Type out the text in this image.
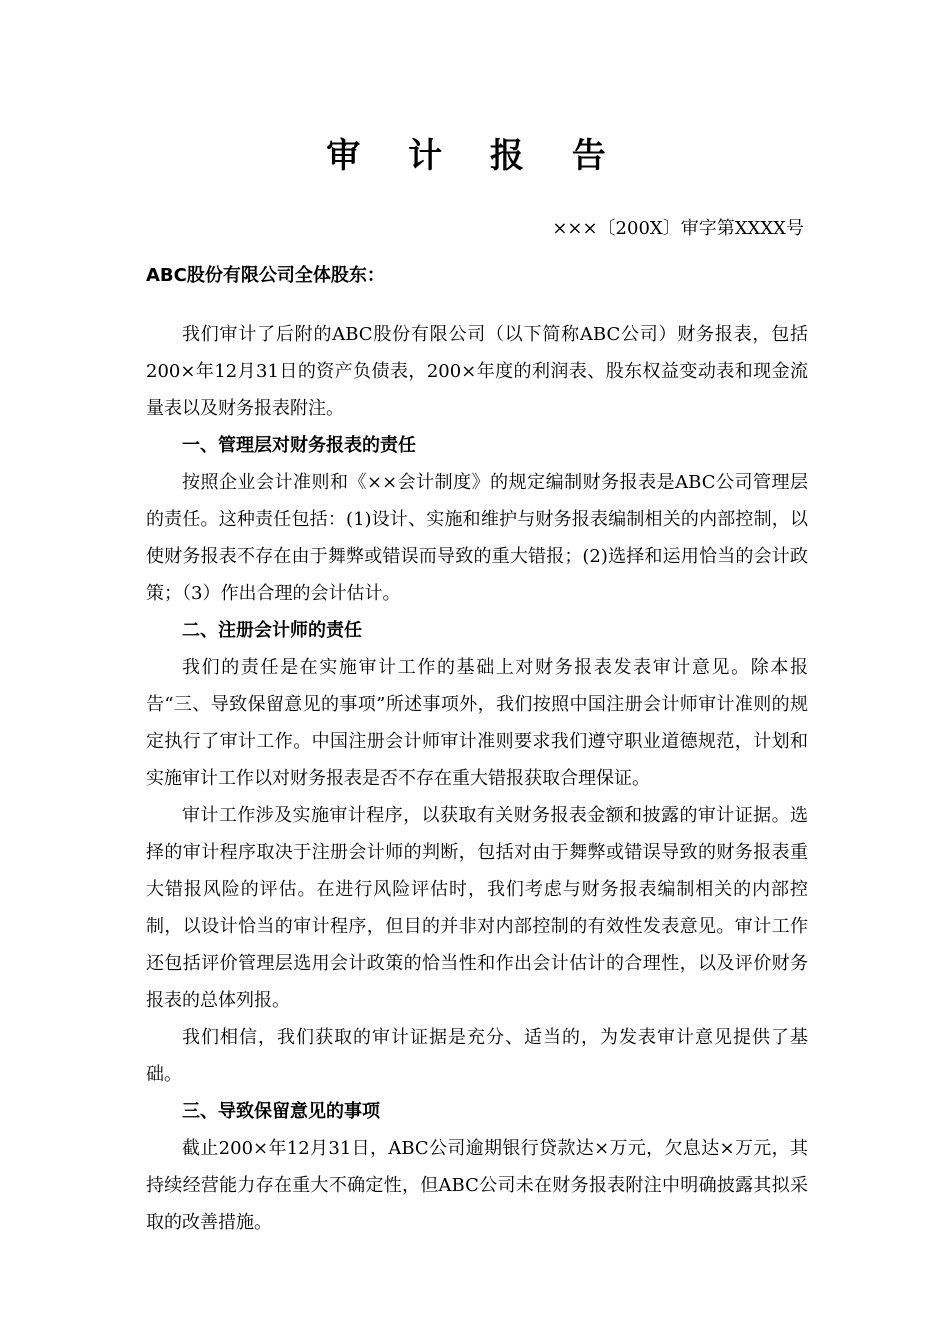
审 计 报 告
×××〔200X〕审字第XXXX号

ABC股份有限公司全体股东：

我们审计了后附的ABC股份有限公司（以下简称ABC公司）财务报表，包括200×年12月31日的资产负债表，200×年度的利润表、股东权益变动表和现金流量表以及财务报表附注。

一、管理层对财务报表的责任

按照企业会计准则和《××会计制度》的规定编制财务报表是ABC公司管理层的责任。这种责任包括：(1)设计、实施和维护与财务报表编制相关的内部控制，以使财务报表不存在由于舞弊或错误而导致的重大错报；(2)选择和运用恰当的会计政策；（3）作出合理的会计估计。

二、注册会计师的责任

我们的责任是在实施审计工作的基础上对财务报表发表审计意见。除本报告“三、导致保留意见的事项”所述事项外，我们按照中国注册会计师审计准则的规定执行了审计工作。中国注册会计师审计准则要求我们遵守职业道德规范，计划和实施审计工作以对财务报表是否不存在重大错报获取合理保证。

审计工作涉及实施审计程序，以获取有关财务报表金额和披露的审计证据。选择的审计程序取决于注册会计师的判断，包括对由于舞弊或错误导致的财务报表重大错报风险的评估。在进行风险评估时，我们考虑与财务报表编制相关的内部控制，以设计恰当的审计程序，但目的并非对内部控制的有效性发表意见。审计工作还包括评价管理层选用会计政策的恰当性和作出会计估计的合理性，以及评价财务报表的总体列报。

我们相信，我们获取的审计证据是充分、适当的，为发表审计意见提供了基础。

三、导致保留意见的事项

截止200×年12月31日，ABC公司逾期银行贷款达×万元，欠息达×万元，其持续经营能力存在重大不确定性，但ABC公司未在财务报表附注中明确披露其拟采取的改善措施。
